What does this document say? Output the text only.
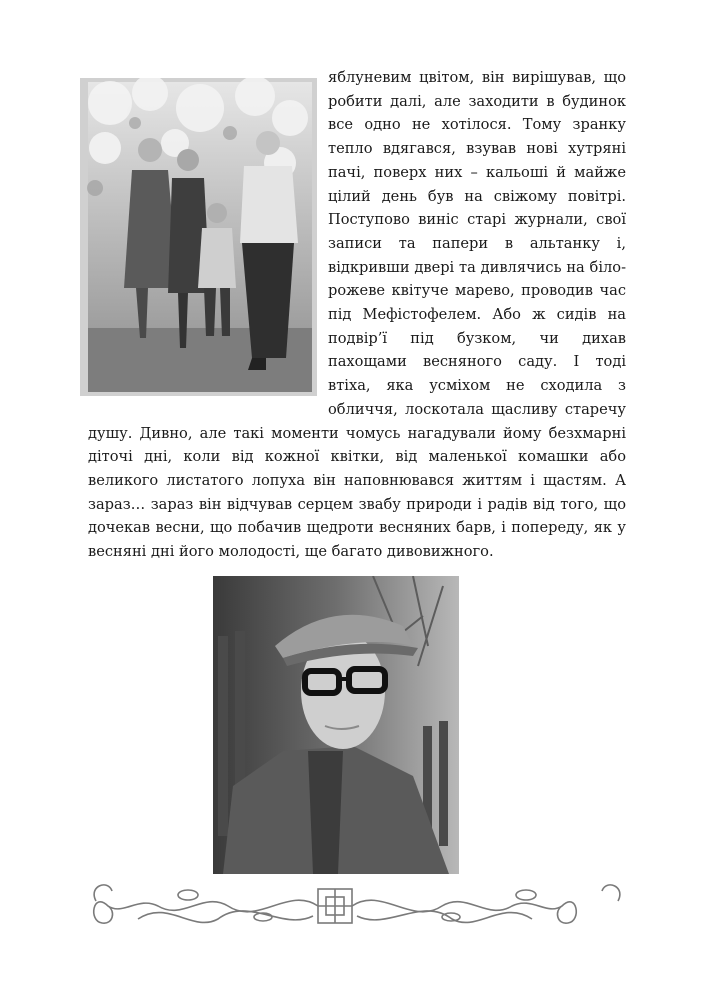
яблуневим цвітом, він вирішував, що робити далі, але заходити в будинок все одно не хотілося. Тому зранку тепло вдягався, взував нові хутряні пачі, поверх них – кальоші й майже цілий день був на свіжому повітрі. Поступово виніс старі журнали, свої записи та папери в альтанку і, відкривши двері та дивлячись на біло-рожеве квітуче марево, проводив час під Мефістофелем. Або ж сидів на подвір’ї під бузком, чи дихав пахощами весняного саду. І тоді втіха, яка усміхом не сходила з обличчя, лоскотала щасливу старечу душу. Дивно, але такі моменти чомусь нагадували йому безхмарні діточі дні, коли від кожної квітки, від маленької комашки або великого листатого лопуха він наповнювався життям і щастям. А зараз… зараз він відчував серцем звабу природи і радів від того, що дочекав весни, що побачив щедроти весняних барв, і попереду, як у весняні дні його молодості, ще багато дивовижного.
